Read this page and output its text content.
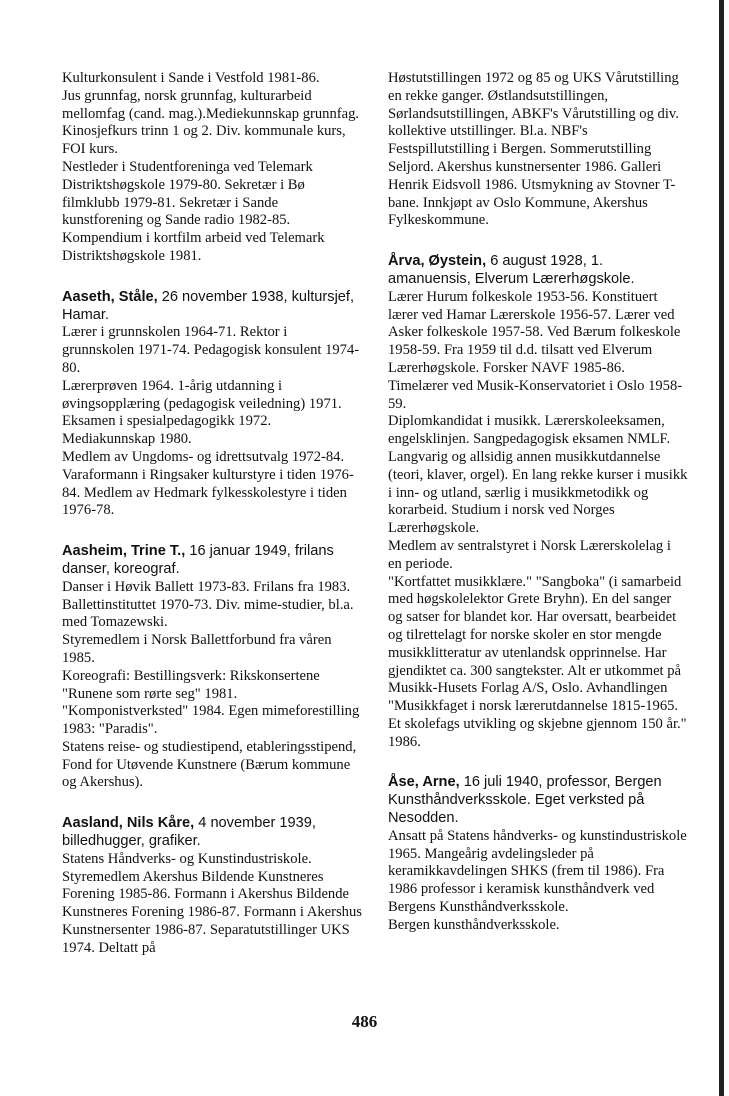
Kulturkonsulent i Sande i Vestfold 1981-86.

Jus grunnfag, norsk grunnfag, kulturarbeid mellomfag (cand. mag.).Mediekunnskap grunnfag. Kinosjefkurs trinn 1 og 2. Div. kommunale kurs, FOI kurs.

Nestleder i Studentforeninga ved Telemark Distriktshøgskole 1979-80. Sekretær i Bø filmklubb 1979-81. Sekretær i Sande kunstforening og Sande radio 1982-85.

Kompendium i kortfilm arbeid ved Telemark Distriktshøgskole 1981.

Aaseth, Ståle, 26 november 1938, kultursjef, Hamar.

Lærer i grunnskolen 1964-71. Rektor i grunnskolen 1971-74. Pedagogisk konsulent 1974-80.

Lærerprøven 1964. 1-årig utdanning i øvingsopplæring (pedagogisk veiledning) 1971. Eksamen i spesialpedagogikk 1972. Mediakunnskap 1980.

Medlem av Ungdoms- og idrettsutvalg 1972-84. Varaformann i Ringsaker kulturstyre i tiden 1976-84. Medlem av Hedmark fylkesskolestyre i tiden 1976-78.

Aasheim, Trine T., 16 januar 1949, frilans danser, koreograf.

Danser i Høvik Ballett 1973-83. Frilans fra 1983.

Ballettinstituttet 1970-73. Div. mime-studier, bl.a. med Tomazewski.

Styremedlem i Norsk Ballettforbund fra våren 1985.

Koreografi: Bestillingsverk: Rikskonsertene "Runene som rørte seg" 1981. "Komponistverksted" 1984. Egen mimeforestilling 1983: "Paradis".

Statens reise- og studiestipend, etableringsstipend, Fond for Utøvende Kunstnere (Bærum kommune og Akershus).

Aasland, Nils Kåre, 4 november 1939, billedhugger, grafiker.

Statens Håndverks- og Kunstindustriskole. Styremedlem Akershus Bildende Kunstneres Forening 1985-86. Formann i Akershus Bildende Kunstneres Forening 1986-87. Formann i Akershus Kunstnersenter 1986-87. Separatutstillinger UKS 1974. Deltatt på

Høstutstillingen 1972 og 85 og UKS Vårutstilling en rekke ganger. Østlandsutstillingen, Sørlandsutstillingen, ABKF's Vårutstilling og div. kollektive utstillinger. Bl.a. NBF's Festspillutstilling i Bergen. Sommerutstilling Seljord. Akershus kunstnersenter 1986. Galleri Henrik Eidsvoll 1986. Utsmykning av Stovner T-bane. Innkjøpt av Oslo Kommune, Akershus Fylkeskommune.

Årva, Øystein, 6 august 1928, 1. amanuensis, Elverum Lærerhøgskole.

Lærer Hurum folkeskole 1953-56. Konstituert lærer ved Hamar Lærerskole 1956-57. Lærer ved Asker folkeskole 1957-58. Ved Bærum folkeskole 1958-59. Fra 1959 til d.d. tilsatt ved Elverum Lærerhøgskole. Forsker NAVF 1985-86. Timelærer ved Musik-Konservatoriet i Oslo 1958-59.

Diplomkandidat i musikk. Lærerskoleeksamen, engelsklinjen. Sangpedagogisk eksamen NMLF. Langvarig og allsidig annen musikkutdannelse (teori, klaver, orgel). En lang rekke kurser i musikk i inn- og utland, særlig i musikkmetodikk og korarbeid. Studium i norsk ved Norges Lærerhøgskole.

Medlem av sentralstyret i Norsk Lærerskolelag i en periode.

"Kortfattet musikklære." "Sangboka" (i samarbeid med høgskolelektor Grete Bryhn). En del sanger og satser for blandet kor. Har oversatt, bearbeidet og tilrettelagt for norske skoler en stor mengde musikklitteratur av utenlandsk opprinnelse. Har gjendiktet ca. 300 sangtekster. Alt er utkommet på Musikk-Husets Forlag A/S, Oslo. Avhandlingen "Musikkfaget i norsk lærerutdannelse 1815-1965. Et skolefags utvikling og skjebne gjennom 150 år." 1986.

Åse, Arne, 16 juli 1940, professor, Bergen Kunsthåndverksskole. Eget verksted på Nesodden.

Ansatt på Statens håndverks- og kunstindustriskole 1965. Mangeårig avdelingsleder på keramikkavdelingen SHKS (frem til 1986). Fra 1986 professor i keramisk kunsthåndverk ved Bergens Kunsthåndverksskole.

Bergen kunsthåndverksskole.

486
